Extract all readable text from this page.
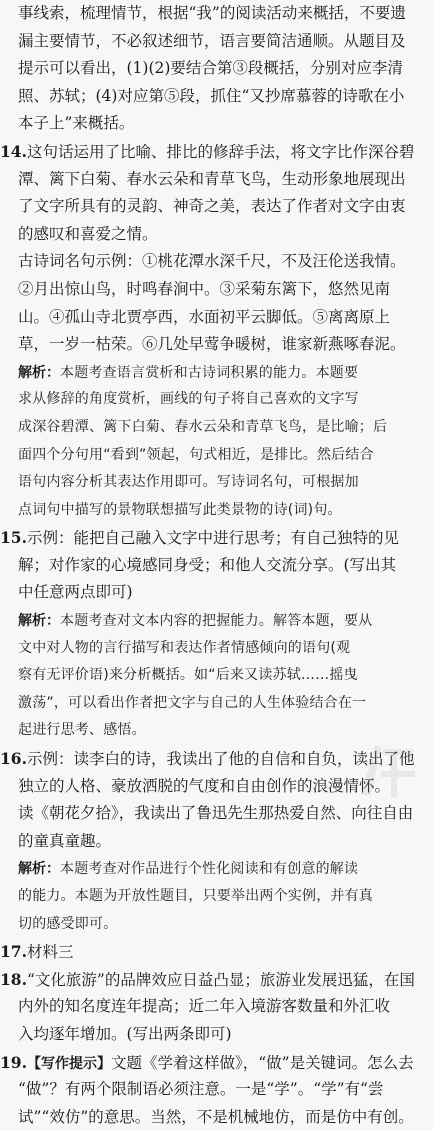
事线索，梳理情节，根据“我”的阅读活动来概括，不要遗
漏主要情节，不必叙述细节，语言要简洁通顺。从题目及
提示可以看出，(1)(2)要结合第③段概括，分别对应李清
照、苏轼；(4)对应第⑤段，抓住“又抄席慕蓉的诗歌在小
本子上”来概括。
14.这句话运用了比喻、排比的修辞手法，将文字比作深谷碧
潭、篱下白菊、春水云朵和青草飞鸟，生动形象地展现出
了文字所具有的灵韵、神奇之美，表达了作者对文字由衷
的感叹和喜爱之情。
古诗词名句示例：①桃花潭水深千尺，不及汪伦送我情。
②月出惊山鸟，时鸣春涧中。③采菊东篱下，悠然见南
山。④孤山寺北贾亭西，水面初平云脚低。⑤离离原上
草，一岁一枯荣。⑥几处早莺争暖树，谁家新燕啄春泥。
解析：本题考查语言赏析和古诗词积累的能力。本题要
求从修辞的角度赏析，画线的句子将自己喜欢的文字写
成深谷碧潭、篱下白菊、春水云朵和青草飞鸟，是比喻；后
面四个分句用“看到”领起，句式相近，是排比。然后结合
语句内容分析其表达作用即可。写诗词名句，可根据加
点词句中描写的景物联想描写此类景物的诗(词)句。
15.示例：能把自己融入文字中进行思考；有自己独特的见
解；对作家的心境感同身受；和他人交流分享。(写出其
中任意两点即可)
解析：本题考查对文本内容的把握能力。解答本题，要从
文中对人物的言行描写和表达作者情感倾向的语句(观
察有无评价语)来分析概括。如“后来又读苏轼……摇曳
激荡”，可以看出作者把文字与自己的人生体验结合在一
起进行思考、感悟。
16.示例：读李白的诗，我读出了他的自信和自负，读出了他
独立的人格、豪放洒脱的气度和自由创作的浪漫情怀。
读《朝花夕拾》，我读出了鲁迅先生那热爱自然、向往自由
的童真童趣。
解析：本题考查对作品进行个性化阅读和有创意的解读
的能力。本题为开放性题目，只要举出两个实例，并有真
切的感受即可。
17.材料三
18.“文化旅游”的品牌效应日益凸显；旅游业发展迅猛，在国
内外的知名度连年提高；近二年入境游客数量和外汇收
入均逐年增加。(写出两条即可)
19.【写作提示】文题《学着这样做》，“做”是关键词。怎么去
“做”？有两个限制语必须注意。一是“学”。“学”有“尝
试”“效仿”的意思。当然，不是机械地仿，而是仿中有创。
